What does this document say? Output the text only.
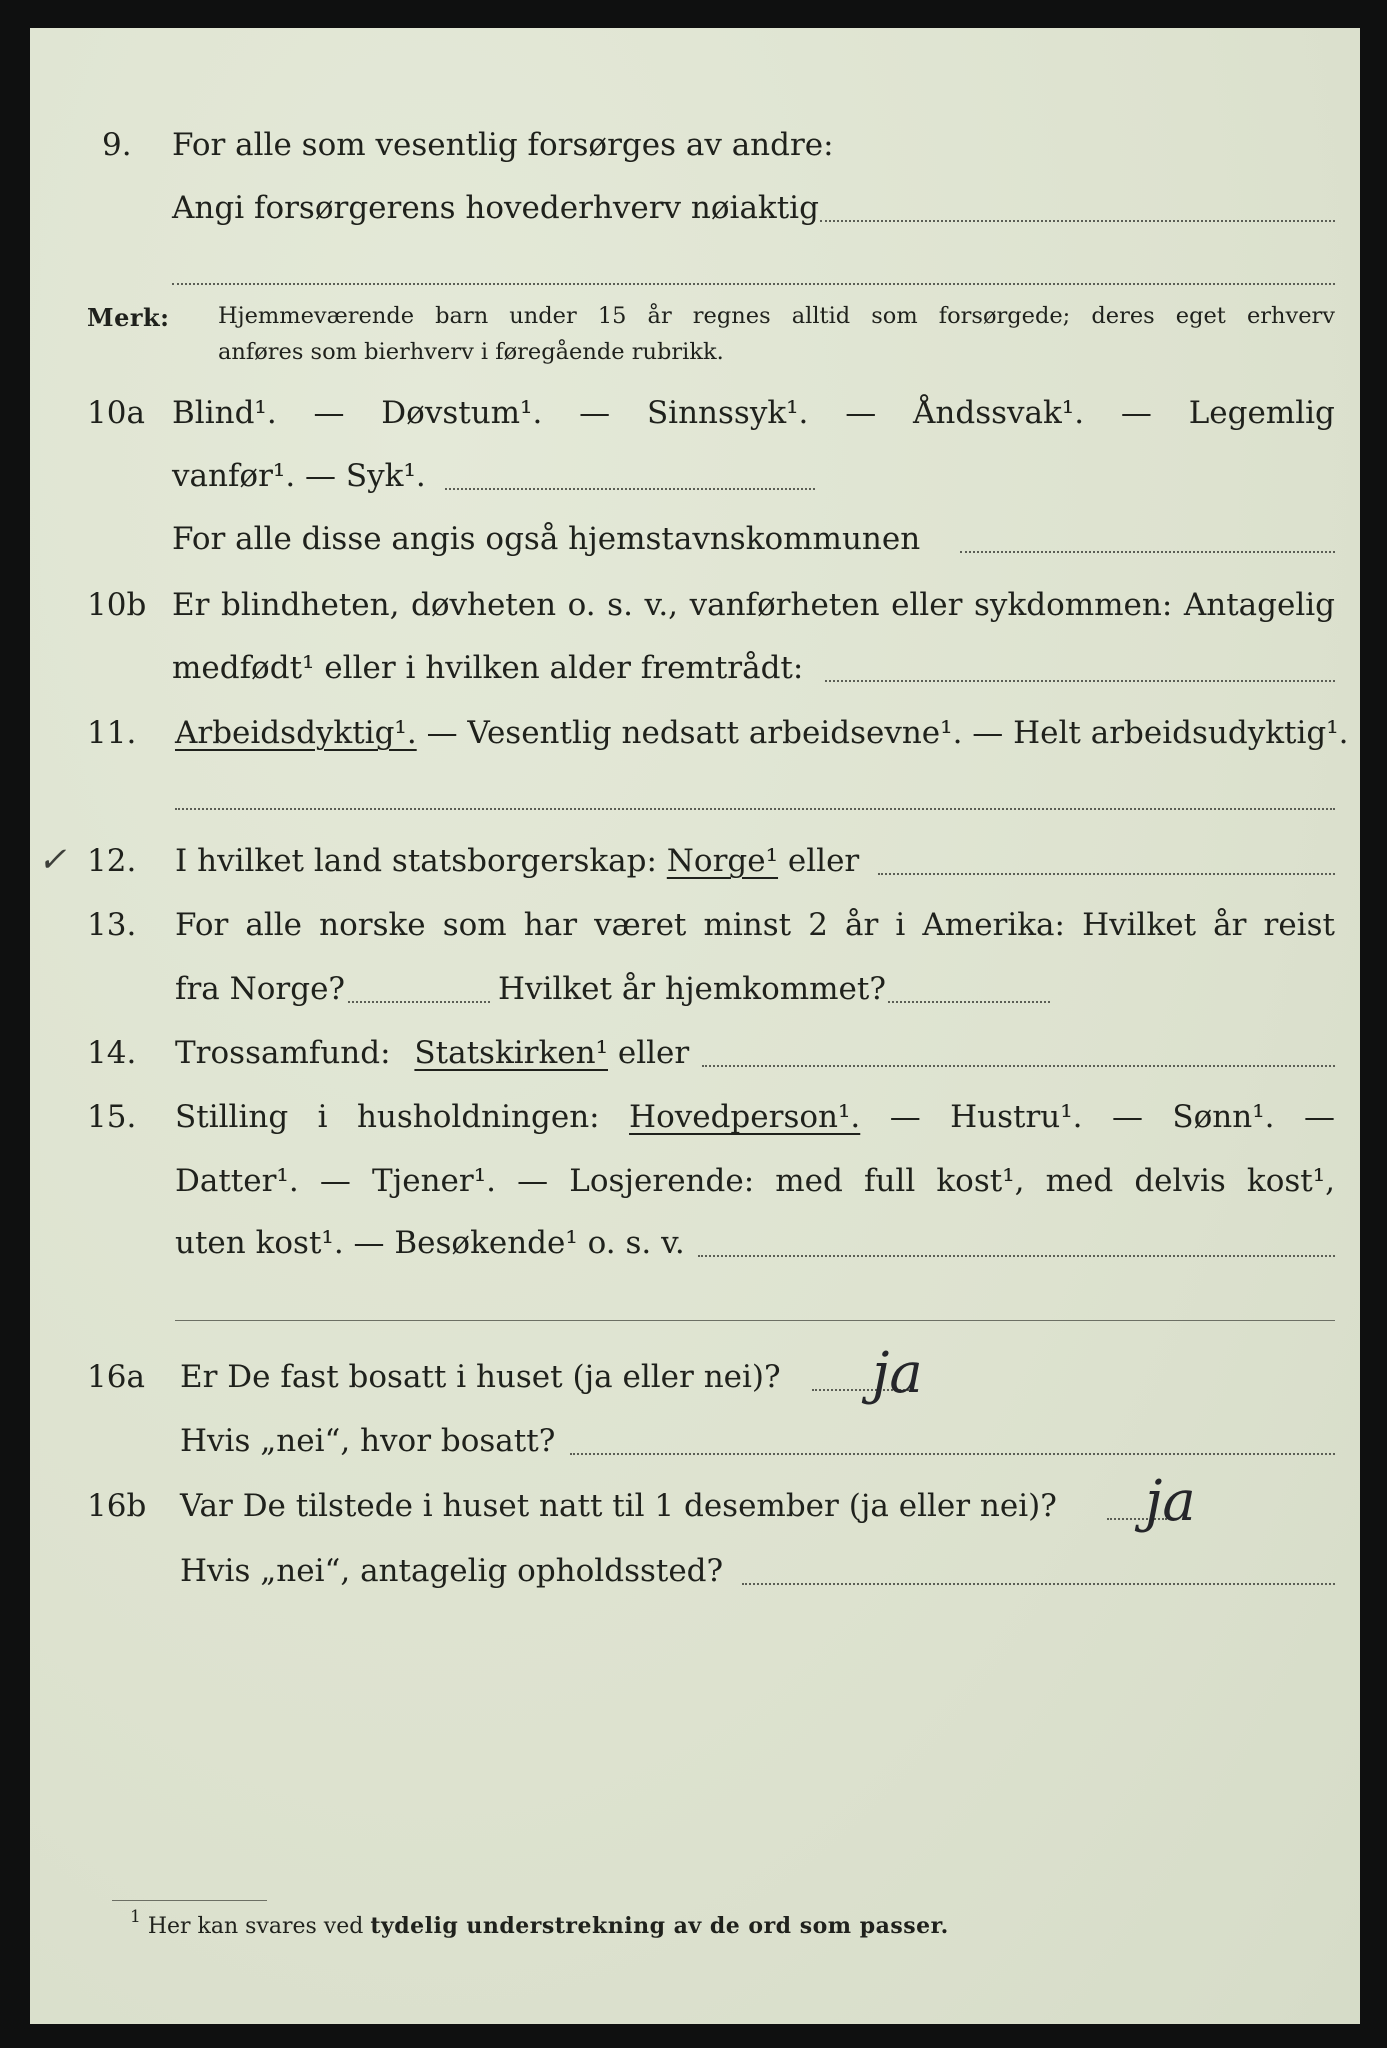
9. For alle som vesentlig forsørges av andre:
Angi forsørgerens hovederhverv nøiaktig
Merk: Hjemmeværende barn under 15 år regnes alltid som forsørgede; deres eget erhverv
anføres som bierhverv i føregående rubrikk.
10a Blind¹. — Døvstum¹. — Sinnssyk¹. — Åndssvak¹. — Legemlig
vanfør¹. — Syk¹.
For alle disse angis også hjemstavnskommunen
10b Er blindheten, døvheten o. s. v., vanførheten eller sykdommen: Antagelig
medfødt¹ eller i hvilken alder fremtrådt:
11. Arbeidsdyktig¹. — Vesentlig nedsatt arbeidsevne¹. — Helt arbeidsudyktig¹.
✓ 12. I hvilket land statsborgerskap: Norge¹ eller
13. For alle norske som har været minst 2 år i Amerika: Hvilket år reist
fra Norge?	Hvilket år hjemkommet?
14. Trossamfund: Statskirken¹ eller
15. Stilling i husholdningen: Hovedperson¹. — Hustru¹. — Sønn¹. —
Datter¹. — Tjener¹. — Losjerende: med full kost¹, med delvis kost¹,
uten kost¹. — Besøkende¹ o. s. v.
16a Er De fast bosatt i huset (ja eller nei)? ja
Hvis „nei“, hvor bosatt?
16b Var De tilstede i huset natt til 1 desember (ja eller nei)? ja
Hvis „nei“, antagelig opholdssted?
$^1$ Her kan svares ved tydelig understrekning av de ord som passer.
